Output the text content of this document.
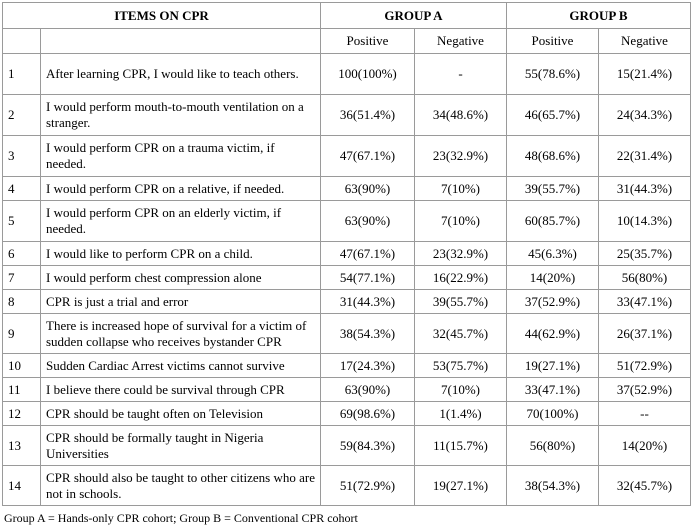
ITEMS ON CPR		GROUP A		GROUP B	
		Positive	Negative	Positive	Negative
1	After learning CPR, I would like to teach others.	100(100%)	-	55(78.6%)	15(21.4%)
2	I would perform mouth-to-mouth ventilation on a stranger.	36(51.4%)	34(48.6%)	46(65.7%)	24(34.3%)
3	I would perform CPR on a trauma victim, if needed.	47(67.1%)	23(32.9%)	48(68.6%)	22(31.4%)
4	I would perform CPR on a relative, if needed.	63(90%)	7(10%)	39(55.7%)	31(44.3%)
5	I would perform CPR on an elderly victim, if needed.	63(90%)	7(10%)	60(85.7%)	10(14.3%)
6	I would like to perform CPR on a child.	47(67.1%)	23(32.9%)	45(6.3%)	25(35.7%)
7	I would perform chest compression alone	54(77.1%)	16(22.9%)	14(20%)	56(80%)
8	CPR is just a trial and error	31(44.3%)	39(55.7%)	37(52.9%)	33(47.1%)
9	There is increased hope of survival for a victim of sudden collapse who receives bystander CPR	38(54.3%)	32(45.7%)	44(62.9%)	26(37.1%)
10	Sudden Cardiac Arrest victims cannot survive	17(24.3%)	53(75.7%)	19(27.1%)	51(72.9%)
11	I believe there could be survival through CPR	63(90%)	7(10%)	33(47.1%)	37(52.9%)
12	CPR should be taught often on Television	69(98.6%)	1(1.4%)	70(100%)	--
13	CPR should be formally taught in Nigeria Universities	59(84.3%)	11(15.7%)	56(80%)	14(20%)
14	CPR should also be taught to other citizens who are not in schools.	51(72.9%)	19(27.1%)	38(54.3%)	32(45.7%)
Group A = Hands-only CPR cohort; Group B = Conventional CPR cohort
